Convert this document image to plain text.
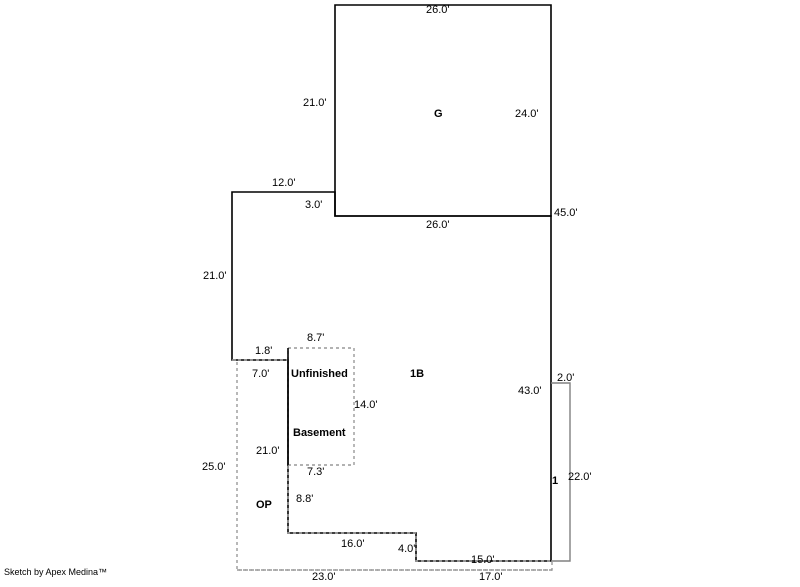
G
1B
Unfinished
Basement
OP
1
26.0'
21.0'
24.0'
12.0'
3.0'
26.0'
45.0'
21.0'
8.7'
1.8'
7.0'	2.0'
43.0'
14.0'
21.0'
7.3'
25.0'
22.0'
8.8'
16.0'	4.0'
15.0'
23.0'	17.0'
Sketch by Apex Medina™
